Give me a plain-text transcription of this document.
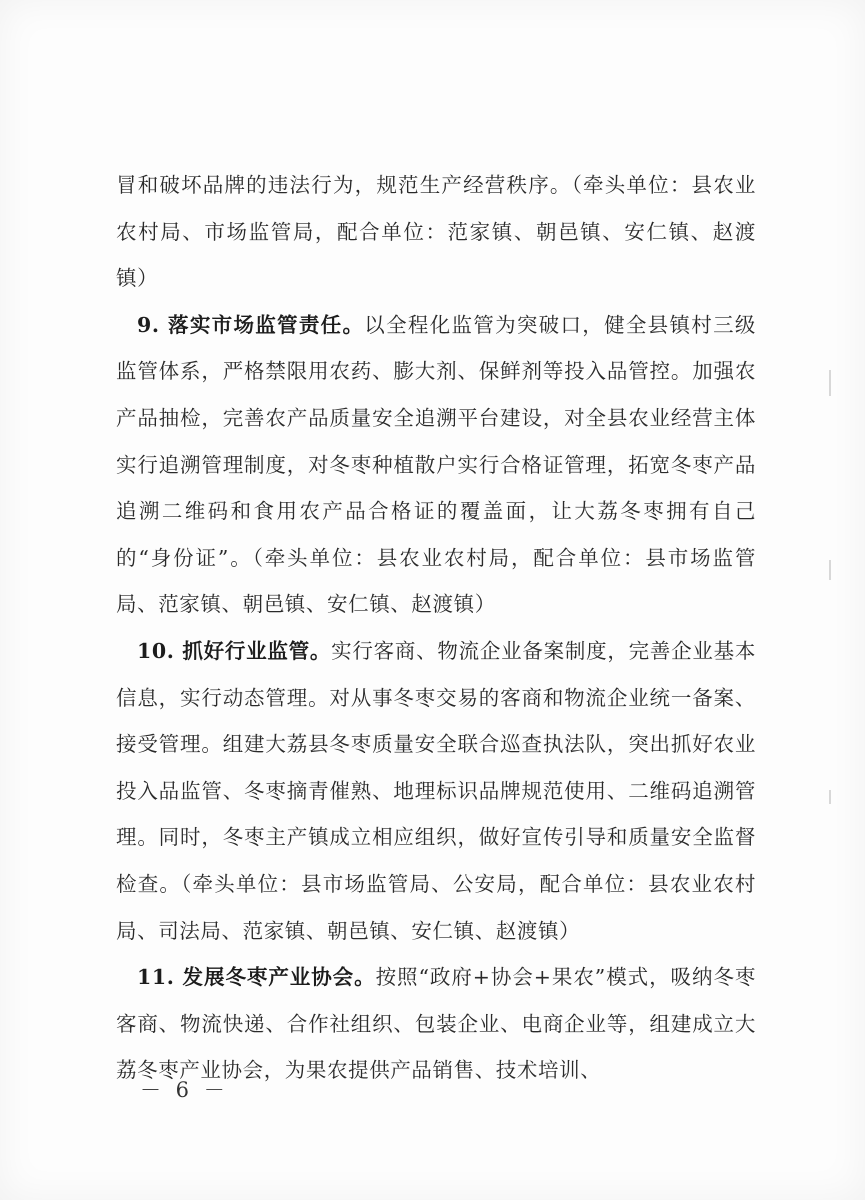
冒和破坏品牌的违法行为，规范生产经营秩序。（牵头单位：县农业农村局、市场监管局，配合单位：范家镇、朝邑镇、安仁镇、赵渡镇）

9. 落实市场监管责任。以全程化监管为突破口，健全县镇村三级监管体系，严格禁限用农药、膨大剂、保鲜剂等投入品管控。加强农产品抽检，完善农产品质量安全追溯平台建设，对全县农业经营主体实行追溯管理制度，对冬枣种植散户实行合格证管理，拓宽冬枣产品追溯二维码和食用农产品合格证的覆盖面，让大荔冬枣拥有自己的“身份证”。（牵头单位：县农业农村局，配合单位：县市场监管局、范家镇、朝邑镇、安仁镇、赵渡镇）

10. 抓好行业监管。实行客商、物流企业备案制度，完善企业基本信息，实行动态管理。对从事冬枣交易的客商和物流企业统一备案、接受管理。组建大荔县冬枣质量安全联合巡查执法队，突出抓好农业投入品监管、冬枣摘青催熟、地理标识品牌规范使用、二维码追溯管理。同时，冬枣主产镇成立相应组织，做好宣传引导和质量安全监督检查。（牵头单位：县市场监管局、公安局，配合单位：县农业农村局、司法局、范家镇、朝邑镇、安仁镇、赵渡镇）

11. 发展冬枣产业协会。按照“政府+协会+果农”模式，吸纳冬枣客商、物流快递、合作社组织、包装企业、电商企业等，组建成立大荔冬枣产业协会，为果农提供产品销售、技术培训、

－ 6 －
